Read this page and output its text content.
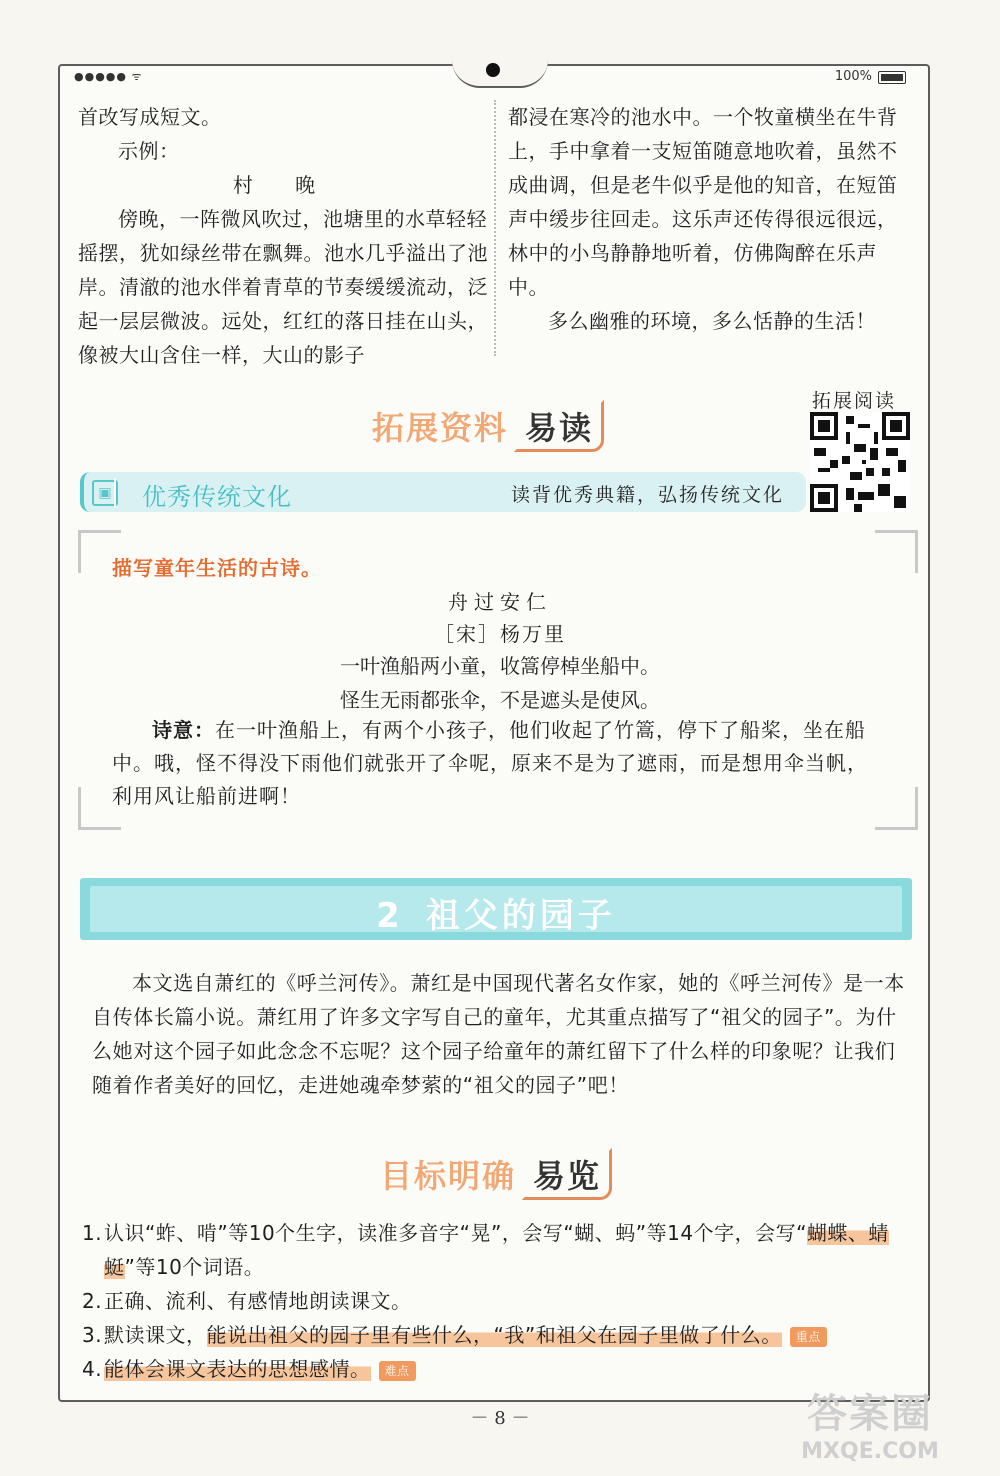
●●●●● ᯤ	100%

首改写成短文。

示例：

村 晚

傍晚，一阵微风吹过，池塘里的水草轻轻摇摆，犹如绿丝带在飘舞。池水几乎溢出了池岸。清澈的池水伴着青草的节奏缓缓流动，泛起一层层微波。远处，红红的落日挂在山头，像被大山含住一样，大山的影子

都浸在寒冷的池水中。一个牧童横坐在牛背上，手中拿着一支短笛随意地吹着，虽然不成曲调，但是老牛似乎是他的知音，在短笛声中缓步往回走。这乐声还传得很远很远，林中的小鸟静静地听着，仿佛陶醉在乐声中。

多么幽雅的环境，多么恬静的生活！

拓展资料 易读
拓展阅读
▣ 优秀传统文化	读背优秀典籍，弘扬传统文化
描写童年生活的古诗。
舟过安仁
［宋］杨万里
一叶渔船两小童，收篙停棹坐船中。
怪生无雨都张伞，不是遮头是使风。
诗意：在一叶渔船上，有两个小孩子，他们收起了竹篙，停下了船桨，坐在船中。哦，怪不得没下雨他们就张开了伞呢，原来不是为了遮雨，而是想用伞当帆，利用风让船前进啊！
2 祖父的园子

本文选自萧红的《呼兰河传》。萧红是中国现代著名女作家，她的《呼兰河传》是一本自传体长篇小说。萧红用了许多文字写自己的童年，尤其重点描写了“祖父的园子”。为什么她对这个园子如此念念不忘呢？这个园子给童年的萧红留下了什么样的印象呢？让我们随着作者美好的回忆，走进她魂牵梦萦的“祖父的园子”吧！

目标明确 易览
1. 认识“蚱、啃”等10个生字，读准多音字“晃”，会写“蝴、蚂”等14个字，会写“蝴蝶、蜻蜓”等10个词语。
2. 正确、流利、有感情地朗读课文。
3. 默读课文，能说出祖父的园子里有些什么，“我”和祖父在园子里做了什么。 重点
4. 能体会课文表达的思想感情。 难点
－ 8 －	答案圈
MXQE.COM
